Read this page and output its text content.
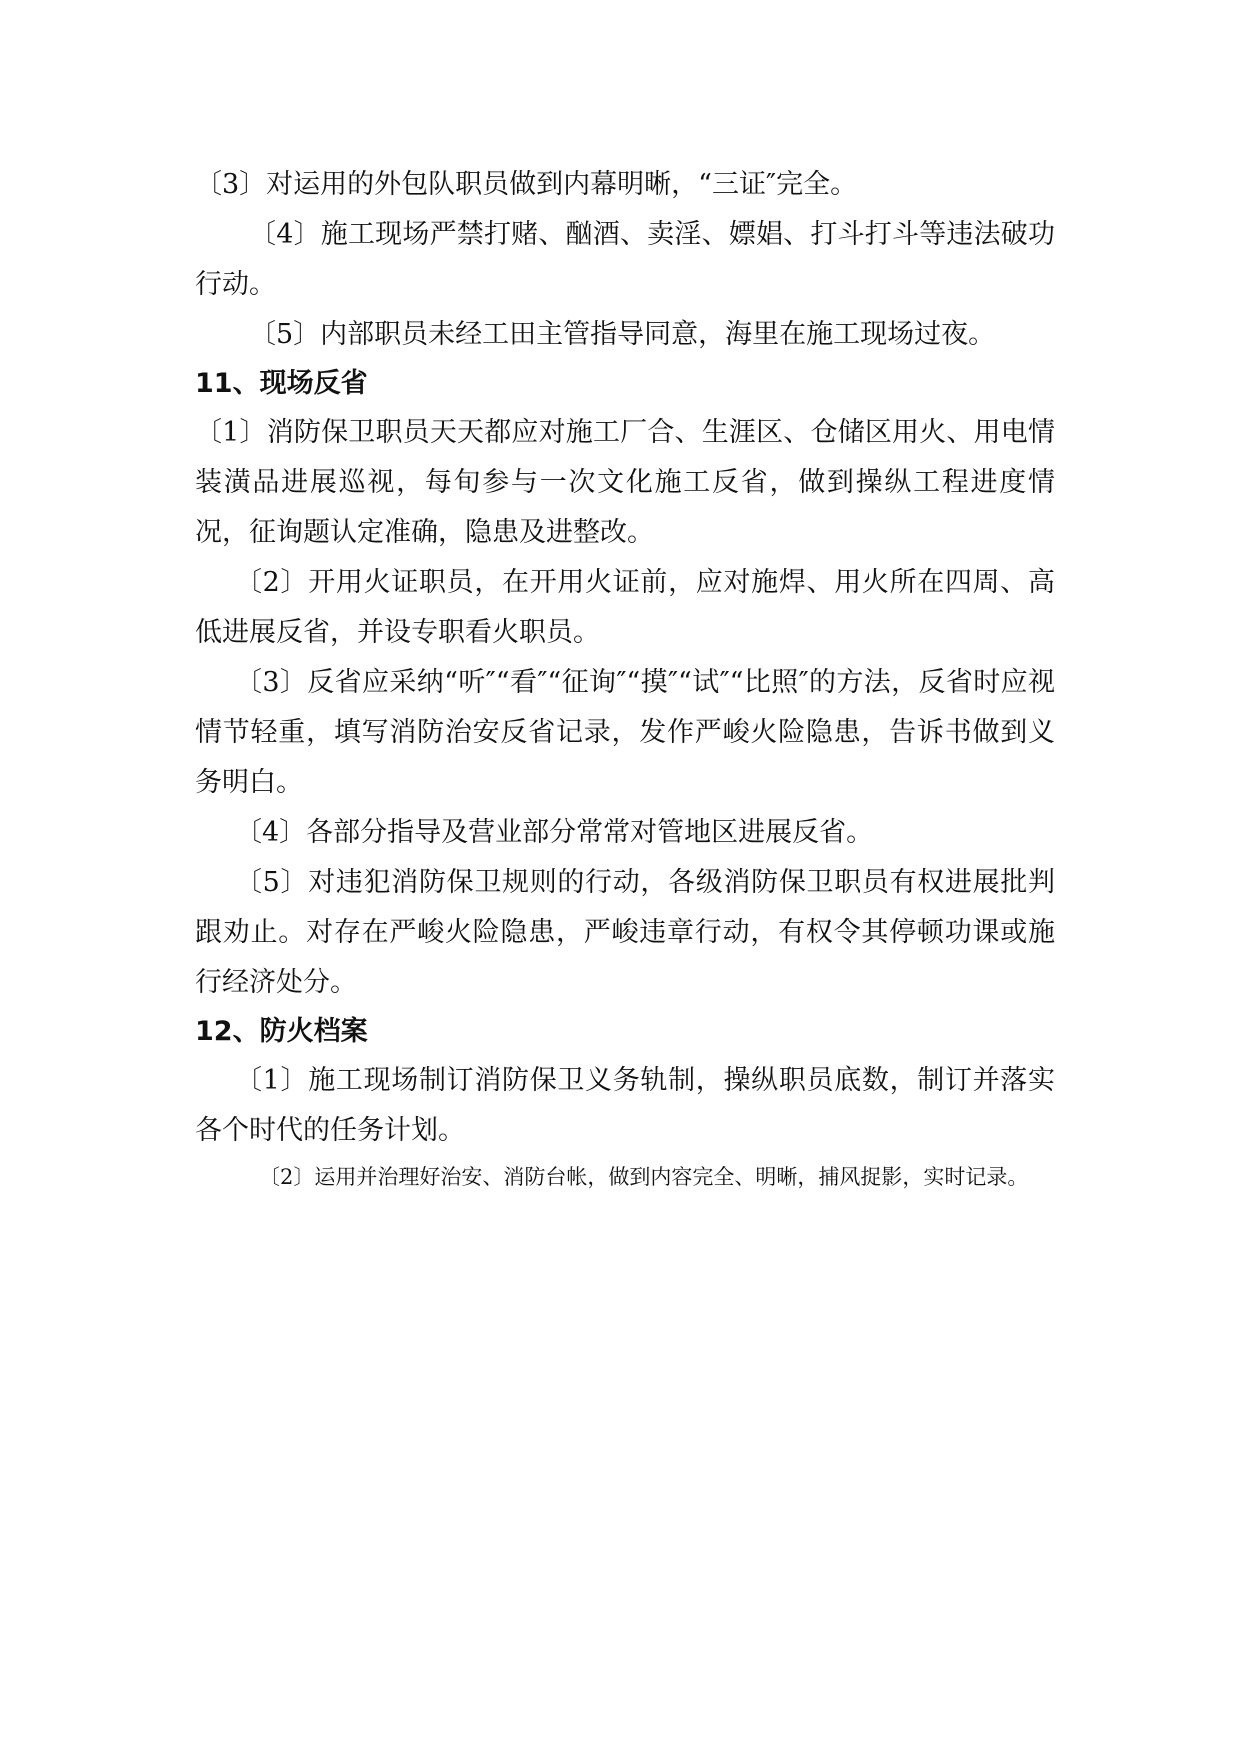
〔3〕对运用的外包队职员做到内幕明晰，“三证″完全。

〔4〕施工现场严禁打赌、酗酒、卖淫、嫖娼、打斗打斗等违法破功行动。

〔5〕内部职员未经工田主管指导同意，海里在施工现场过夜。

11、现场反省

〔1〕消防保卫职员天天都应对施工厂合、生涯区、仓储区用火、用电情装潢品进展巡视，每旬参与一次文化施工反省，做到操纵工程进度情况，征询题认定准确，隐患及进整改。

〔2〕开用火证职员，在开用火证前，应对施焊、用火所在四周、高低进展反省，并设专职看火职员。

〔3〕反省应采纳“听″“看″“征询″“摸″“试″“比照″的方法，反省时应视情节轻重，填写消防治安反省记录，发作严峻火险隐患，告诉书做到义务明白。

〔4〕各部分指导及营业部分常常对管地区进展反省。

〔5〕对违犯消防保卫规则的行动，各级消防保卫职员有权进展批判跟劝止。对存在严峻火险隐患，严峻违章行动，有权令其停顿功课或施行经济处分。

12、防火档案

〔1〕施工现场制订消防保卫义务轨制，操纵职员底数，制订并落实各个时代的任务计划。

〔2〕运用并治理好治安、消防台帐，做到内容完全、明晰，捕风捉影，实时记录。
